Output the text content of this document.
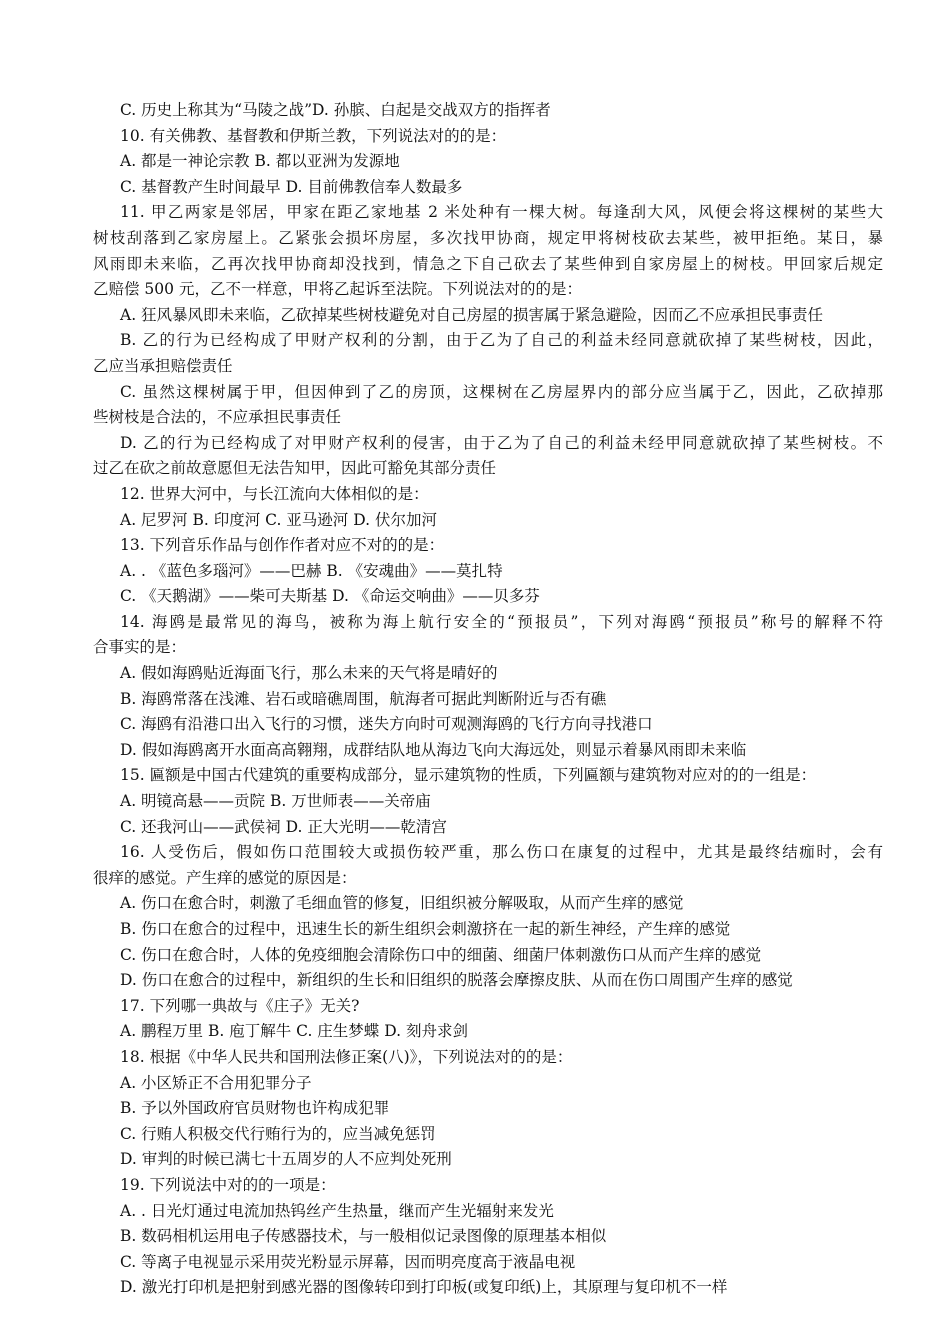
C. 历史上称其为“马陵之战”D. 孙膑、白起是交战双方的指挥者
10. 有关佛教、基督教和伊斯兰教，下列说法对的的是：
A. 都是一神论宗教 B. 都以亚洲为发源地
C. 基督教产生时间最早 D. 目前佛教信奉人数最多
11. 甲乙两家是邻居，甲家在距乙家地基 2 米处种有一棵大树。每逢刮大风，风便会将这棵树的某些大
树枝刮落到乙家房屋上。乙紧张会损坏房屋，多次找甲协商，规定甲将树枝砍去某些，被甲拒绝。某日，暴
风雨即未来临，乙再次找甲协商却没找到，情急之下自己砍去了某些伸到自家房屋上的树枝。甲回家后规定
乙赔偿 500 元，乙不一样意，甲将乙起诉至法院。下列说法对的的是：
A. 狂风暴风即未来临，乙砍掉某些树枝避免对自己房屋的损害属于紧急避险，因而乙不应承担民事责任
B. 乙的行为已经构成了甲财产权利的分割，由于乙为了自己的利益未经同意就砍掉了某些树枝，因此，
乙应当承担赔偿责任
C. 虽然这棵树属于甲，但因伸到了乙的房顶，这棵树在乙房屋界内的部分应当属于乙，因此，乙砍掉那
些树枝是合法的，不应承担民事责任
D. 乙的行为已经构成了对甲财产权利的侵害，由于乙为了自己的利益未经甲同意就砍掉了某些树枝。不
过乙在砍之前故意愿但无法告知甲，因此可豁免其部分责任
12. 世界大河中，与长江流向大体相似的是：
A. 尼罗河 B. 印度河 C. 亚马逊河 D. 伏尔加河
13. 下列音乐作品与创作作者对应不对的的是：
A. . 《蓝色多瑙河》——巴赫 B. 《安魂曲》——莫扎特
C. 《天鹅湖》——柴可夫斯基 D. 《命运交响曲》——贝多芬
14. 海鸥是最常见的海鸟，被称为海上航行安全的“预报员”，下列对海鸥“预报员”称号的解释不符
合事实的是：
A. 假如海鸥贴近海面飞行，那么未来的天气将是晴好的
B. 海鸥常落在浅滩、岩石或暗礁周围，航海者可据此判断附近与否有礁
C. 海鸥有沿港口出入飞行的习惯，迷失方向时可观测海鸥的飞行方向寻找港口
D. 假如海鸥离开水面高高翱翔，成群结队地从海边飞向大海远处，则显示着暴风雨即未来临
15. 匾额是中国古代建筑的重要构成部分，显示建筑物的性质，下列匾额与建筑物对应对的的一组是：
A. 明镜高悬——贡院 B. 万世师表——关帝庙
C. 还我河山——武侯祠 D. 正大光明——乾清宫
16. 人受伤后，假如伤口范围较大或损伤较严重，那么伤口在康复的过程中，尤其是最终结痂时，会有
很痒的感觉。产生痒的感觉的原因是：
A. 伤口在愈合时，刺激了毛细血管的修复，旧组织被分解吸取，从而产生痒的感觉
B. 伤口在愈合的过程中，迅速生长的新生组织会刺激挤在一起的新生神经，产生痒的感觉
C. 伤口在愈合时，人体的免疫细胞会清除伤口中的细菌、细菌尸体刺激伤口从而产生痒的感觉
D. 伤口在愈合的过程中，新组织的生长和旧组织的脱落会摩擦皮肤、从而在伤口周围产生痒的感觉
17. 下列哪一典故与《庄子》无关?
A. 鹏程万里 B. 庖丁解牛 C. 庄生梦蝶 D. 刻舟求剑
18. 根据《中华人民共和国刑法修正案(八)》，下列说法对的的是：
A. 小区矫正不合用犯罪分子
B. 予以外国政府官员财物也许构成犯罪
C. 行贿人积极交代行贿行为的，应当减免惩罚
D. 审判的时候已满七十五周岁的人不应判处死刑
19. 下列说法中对的的一项是：
A. . 日光灯通过电流加热钨丝产生热量，继而产生光辐射来发光
B. 数码相机运用电子传感器技术，与一般相似记录图像的原理基本相似
C. 等离子电视显示采用荧光粉显示屏幕，因而明亮度高于液晶电视
D. 激光打印机是把射到感光器的图像转印到打印板(或复印纸)上，其原理与复印机不一样
